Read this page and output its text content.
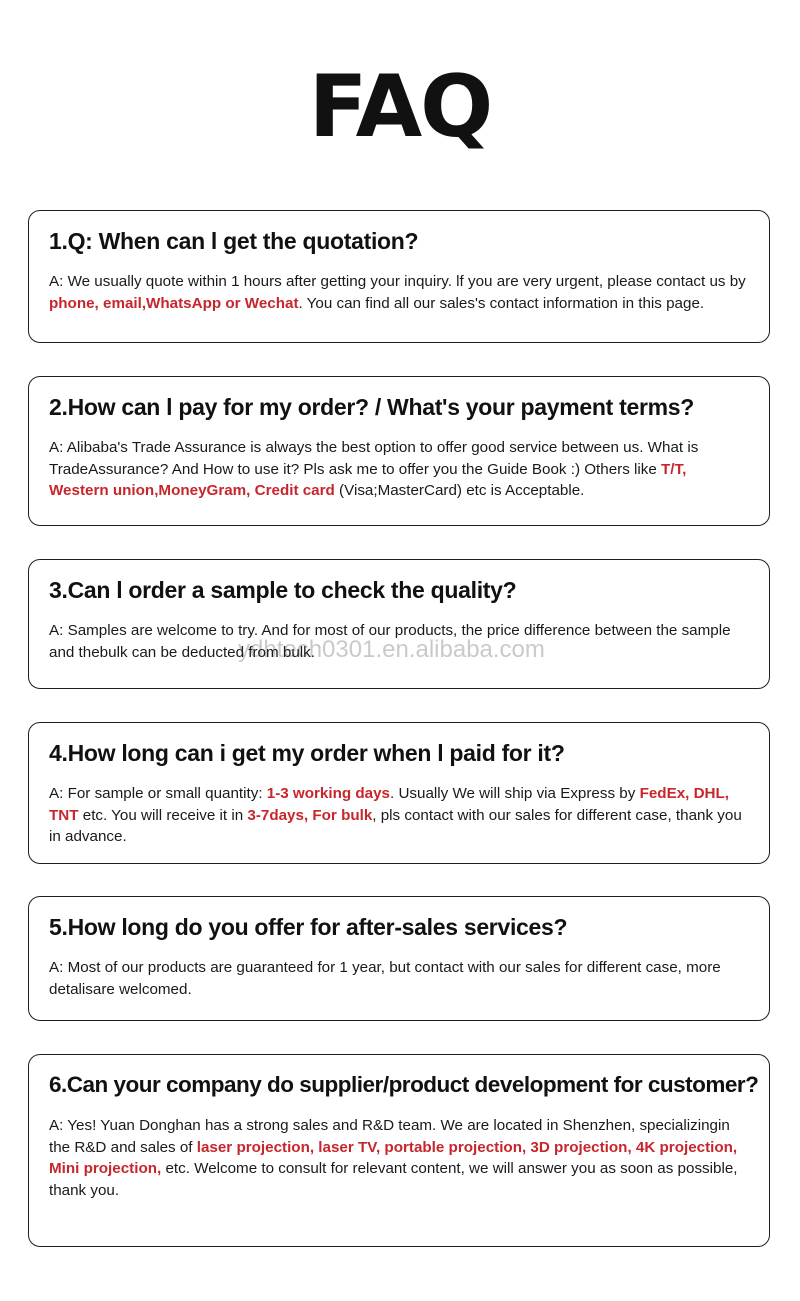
FAQ
1.Q: When can l get the quotation?

A: We usually quote within 1 hours after getting your inquiry. lf you are very urgent, please contact us by phone, email,WhatsApp or Wechat. You can find all our sales's contact information in this page.

2.How can l pay for my order? / What's your payment terms?

A: Alibaba's Trade Assurance is always the best option to offer good service between us. What is TradeAssurance? And How to use it? Pls ask me to offer you the Guide Book :) Others like T/T, Western union,MoneyGram, Credit card (Visa;MasterCard) etc is Acceptable.

3.Can l order a sample to check the quality?

A: Samples are welcome to try. And for most of our products, the price difference between the sample and thebulk can be deducted from bulk.

4.How long can i get my order when l paid for it?

A: For sample or small quantity: 1-3 working days. Usually We will ship via Express by FedEx, DHL, TNT etc. You will receive it in 3-7days, For bulk, pls contact with our sales for different case, thank you in advance.

5.How long do you offer for after-sales services?

A: Most of our products are guaranteed for 1 year, but contact with our sales for different case, more detalisare welcomed.

6.Can your company do supplier/product development for customer?

A: Yes! Yuan Donghan has a strong sales and R&D team. We are located in Shenzhen, specializingin the R&D and sales of laser projection, laser TV, portable projection, 3D projection, 4K projection, Mini projection, etc. Welcome to consult for relevant content, we will answer you as soon as possible, thank you.

ydhtech0301.en.alibaba.com
